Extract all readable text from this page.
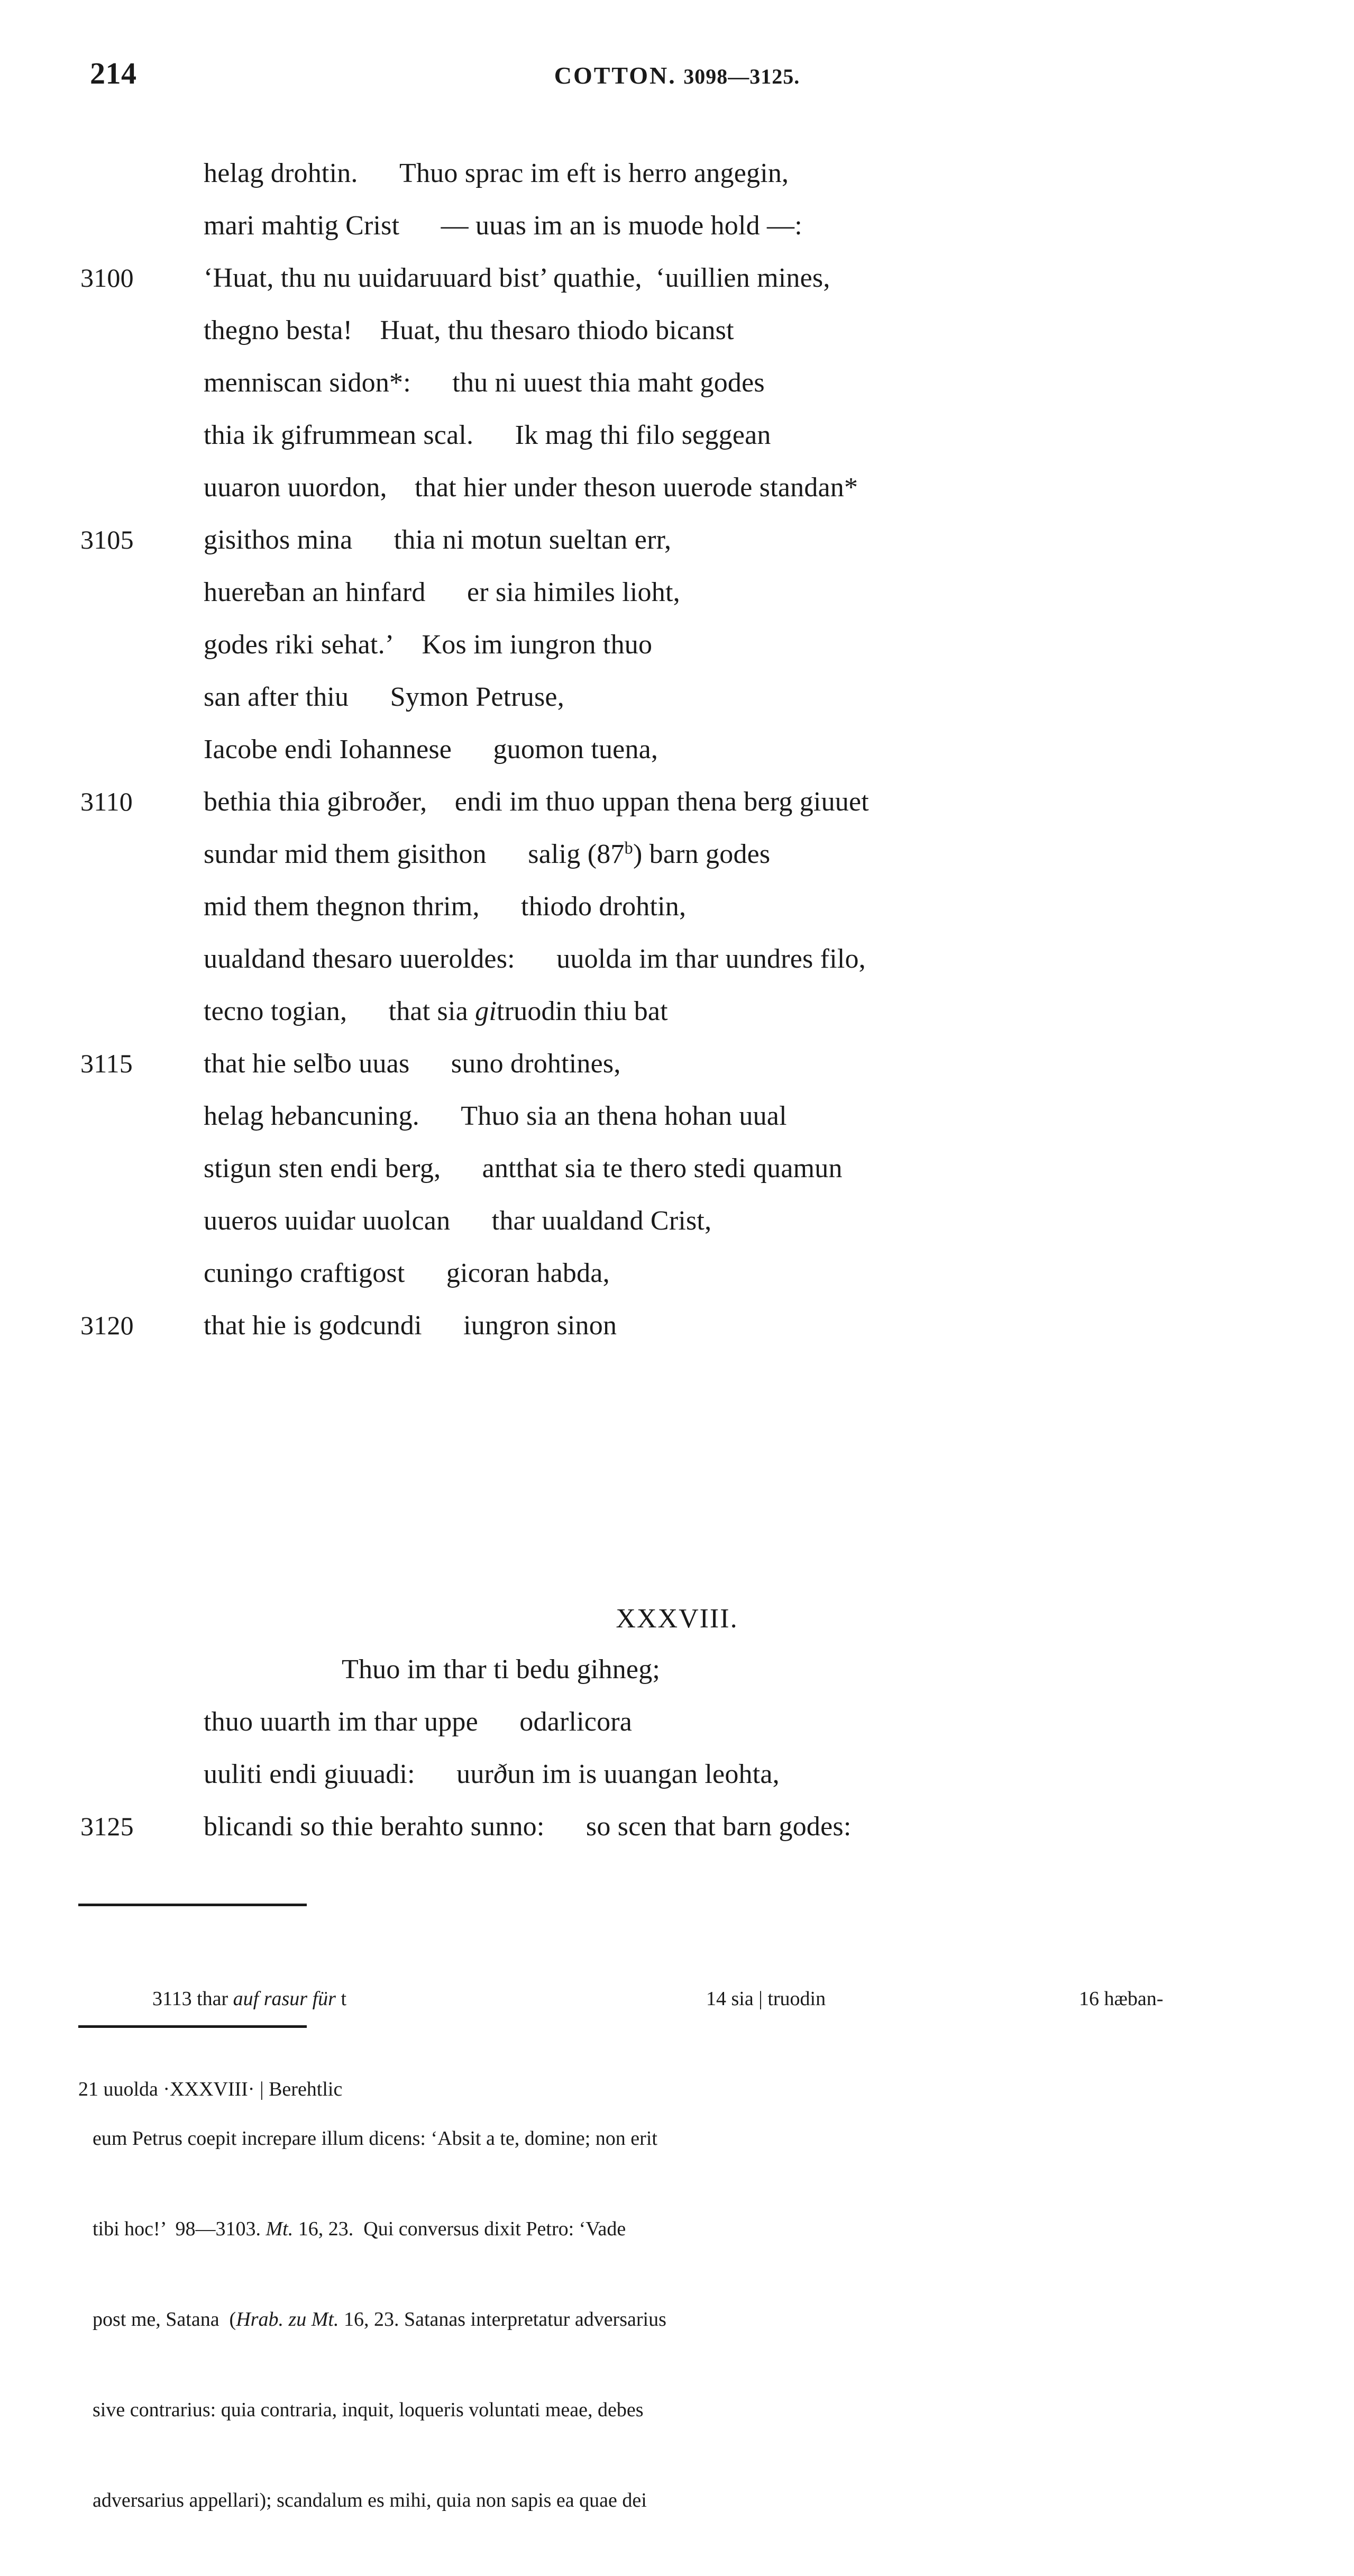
214	COTTON. 3098—3125.

helag drohtin.  Thuo sprac im eft is herro angegin,

mari mahtig Crist  — uuas im an is muode hold —:

3100

	‘Huat, thu nu uuidaruuard bist’ quathie, ‘uuillien mines,

thegno besta! Huat, thu thesaro thiodo bicanst

menniscan sidon*:  thu ni uuest thia maht godes

thia ik gifrummean scal.  Ik mag thi filo seggean

uuaron uuordon,  that hier under theson uuerode standan*

3105

	gisithos mina  thia ni motun sueltan err,

huereƀan an hinfard  er sia himiles lioht,

godes riki sehat.’ Kos im iungron thuo

san after thiu  Symon Petruse,

Iacobe endi Iohannese  guomon tuena,

3110

	bethia thia gibroðer,  endi im thuo uppan thena berg giuuet

sundar mid them gisithon  salig (87$^b$) barn godes

mid them thegnon thrim,  thiodo drohtin,

uualdand thesaro uueroldes:  uuolda im thar uundres filo,

tecno togian,  that sia gitruodin thiu bat

3115

	that hie selƀo uuas  suno drohtines,

helag hebancuning.  Thuo sia an thena hohan uual

stigun sten endi berg,  antthat sia te thero stedi quamun

uueros uuidar uuolcan  thar uualdand Crist,

cuningo craftigost  gicoran habda,

3120

	that hie is godcundi  iungron sinon

XXXVIII.

     Thuo im thar ti bedu gihneg;

thuo uuarth im thar uppe  odarlicora

uuliti endi giuuadi:  uurðun im is uuangan leohta,

3125

	blicandi so thie berahto sunno:  so scen that barn godes:

3113 thar auf rasur für t

	14 sia | truodin

	16 hæban-

21 uuolda ·XXXVIII· | Berehtlic

eum Petrus coepit increpare illum dicens: ‘Absit a te, domine; non erit

tibi hoc!’  98—3103. Mt. 16, 23.  Qui conversus dixit Petro: ‘Vade

post me, Satana  (Hrab. zu Mt. 16, 23. Satanas interpretatur adversarius

sive contrarius: quia contraria, inquit, loqueris voluntati meae, debes

adversarius appellari); scandalum es mihi, quia non sapis ea quae dei
